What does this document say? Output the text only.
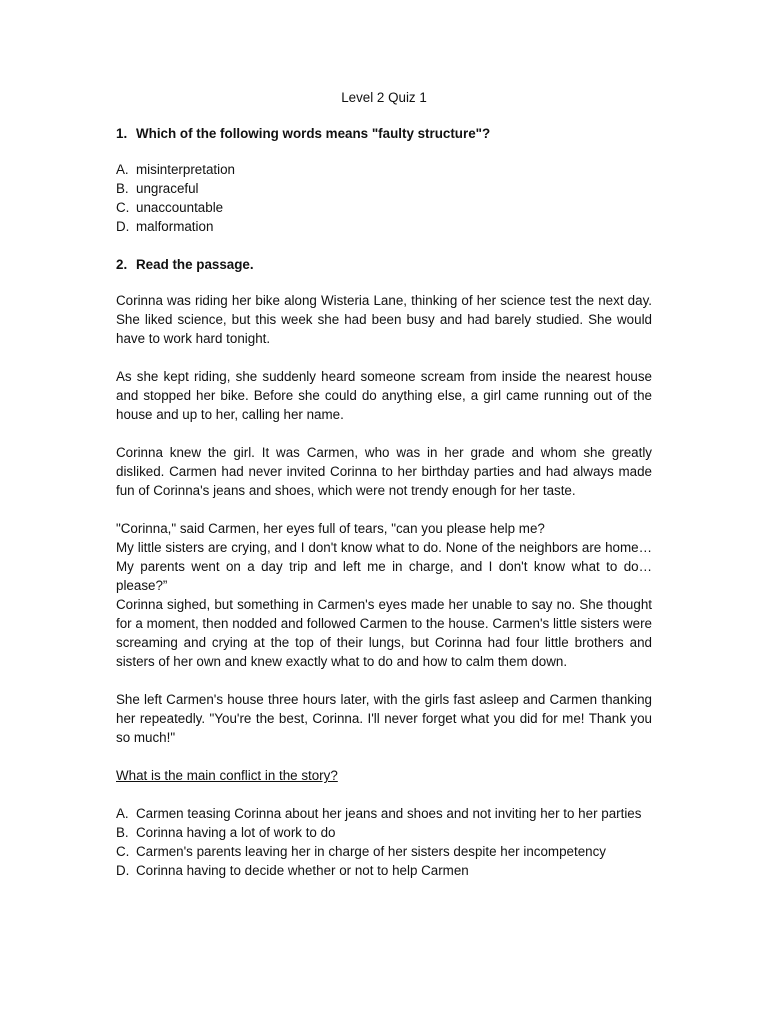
Level 2 Quiz 1
1. Which of the following words means "faulty structure"?
A. misinterpretation
B. ungraceful
C. unaccountable
D. malformation
2. Read the passage.

Corinna was riding her bike along Wisteria Lane, thinking of her science test the next day. She liked science, but this week she had been busy and had barely studied. She would have to work hard tonight.

As she kept riding, she suddenly heard someone scream from inside the nearest house and stopped her bike. Before she could do anything else, a girl came running out of the house and up to her, calling her name.

Corinna knew the girl. It was Carmen, who was in her grade and whom she greatly disliked. Carmen had never invited Corinna to her birthday parties and had always made fun of Corinna's jeans and shoes, which were not trendy enough for her taste.

"Corinna," said Carmen, her eyes full of tears, "can you please help me?

My little sisters are crying, and I don't know what to do. None of the neighbors are home…My parents went on a day trip and left me in charge, and I don't know what to do…please?”

Corinna sighed, but something in Carmen's eyes made her unable to say no. She thought for a moment, then nodded and followed Carmen to the house. Carmen's little sisters were screaming and crying at the top of their lungs, but Corinna had four little brothers and sisters of her own and knew exactly what to do and how to calm them down.

She left Carmen's house three hours later, with the girls fast asleep and Carmen thanking her repeatedly. "You're the best, Corinna. I'll never forget what you did for me! Thank you so much!"

What is the main conflict in the story?
A. Carmen teasing Corinna about her jeans and shoes and not inviting her to her parties
B. Corinna having a lot of work to do
C. Carmen's parents leaving her in charge of her sisters despite her incompetency
D. Corinna having to decide whether or not to help Carmen
